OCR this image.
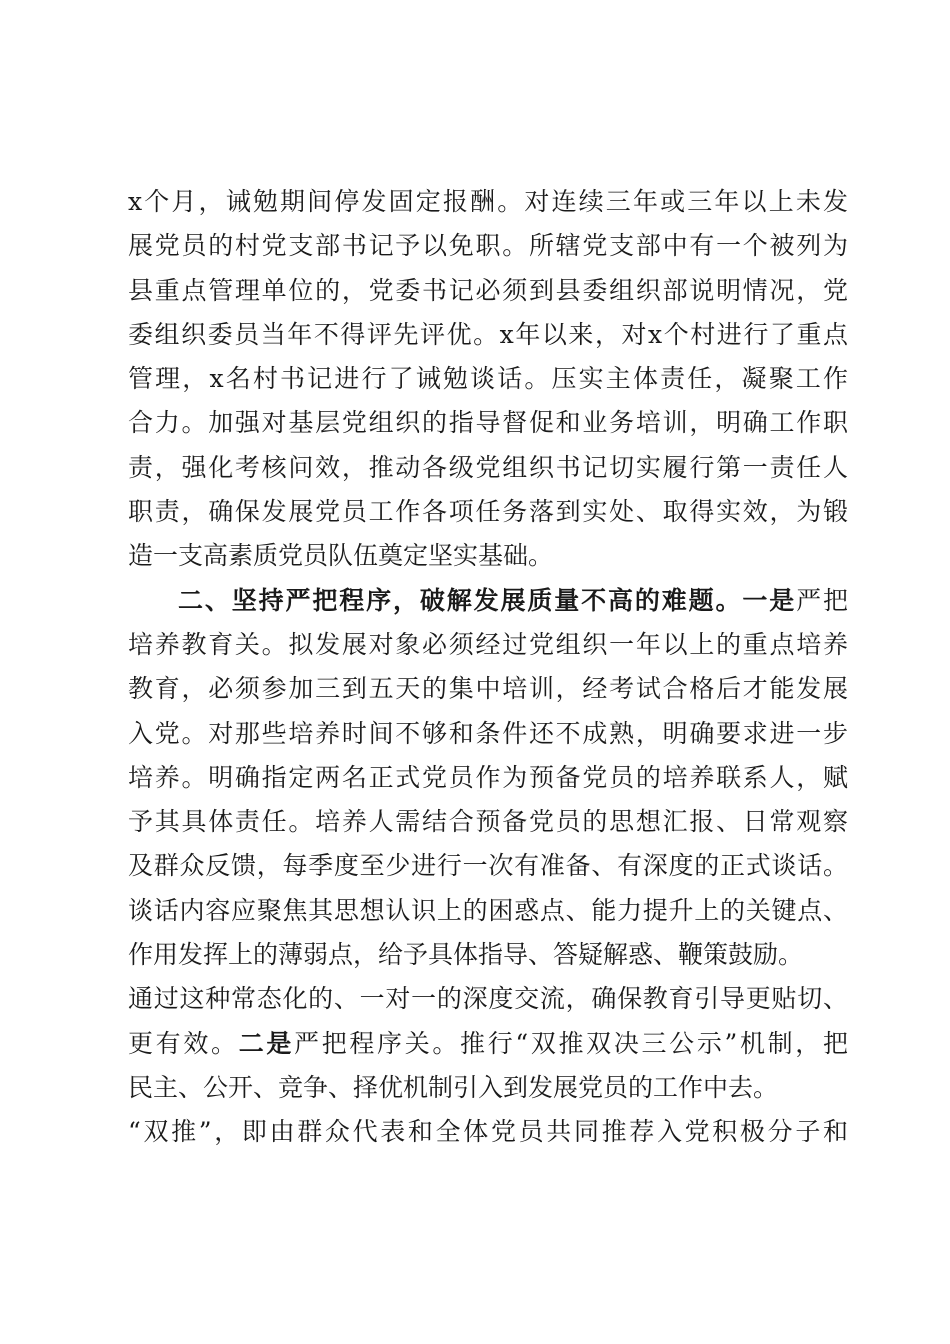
x个月，诫勉期间停发固定报酬。对连续三年或三年以上未发
展党员的村党支部书记予以免职。所辖党支部中有一个被列为
县重点管理单位的，党委书记必须到县委组织部说明情况，党
委组织委员当年不得评先评优。x年以来，对x个村进行了重点
管理，x名村书记进行了诫勉谈话。压实主体责任，凝聚工作
合力。加强对基层党组织的指导督促和业务培训，明确工作职
责，强化考核问效，推动各级党组织书记切实履行第一责任人
职责，确保发展党员工作各项任务落到实处、取得实效，为锻
造一支高素质党员队伍奠定坚实基础。
二、坚持严把程序，破解发展质量不高的难题。一是严把
培养教育关。拟发展对象必须经过党组织一年以上的重点培养
教育，必须参加三到五天的集中培训，经考试合格后才能发展
入党。对那些培养时间不够和条件还不成熟，明确要求进一步
培养。明确指定两名正式党员作为预备党员的培养联系人，赋
予其具体责任。培养人需结合预备党员的思想汇报、日常观察
及群众反馈，每季度至少进行一次有准备、有深度的正式谈话。
谈话内容应聚焦其思想认识上的困惑点、能力提升上的关键点、
作用发挥上的薄弱点，给予具体指导、答疑解惑、鞭策鼓励。
通过这种常态化的、一对一的深度交流，确保教育引导更贴切、
更有效。二是严把程序关。推行“双推双决三公示”机制，把
民主、公开、竞争、择优机制引入到发展党员的工作中去。
“双推”，即由群众代表和全体党员共同推荐入党积极分子和
